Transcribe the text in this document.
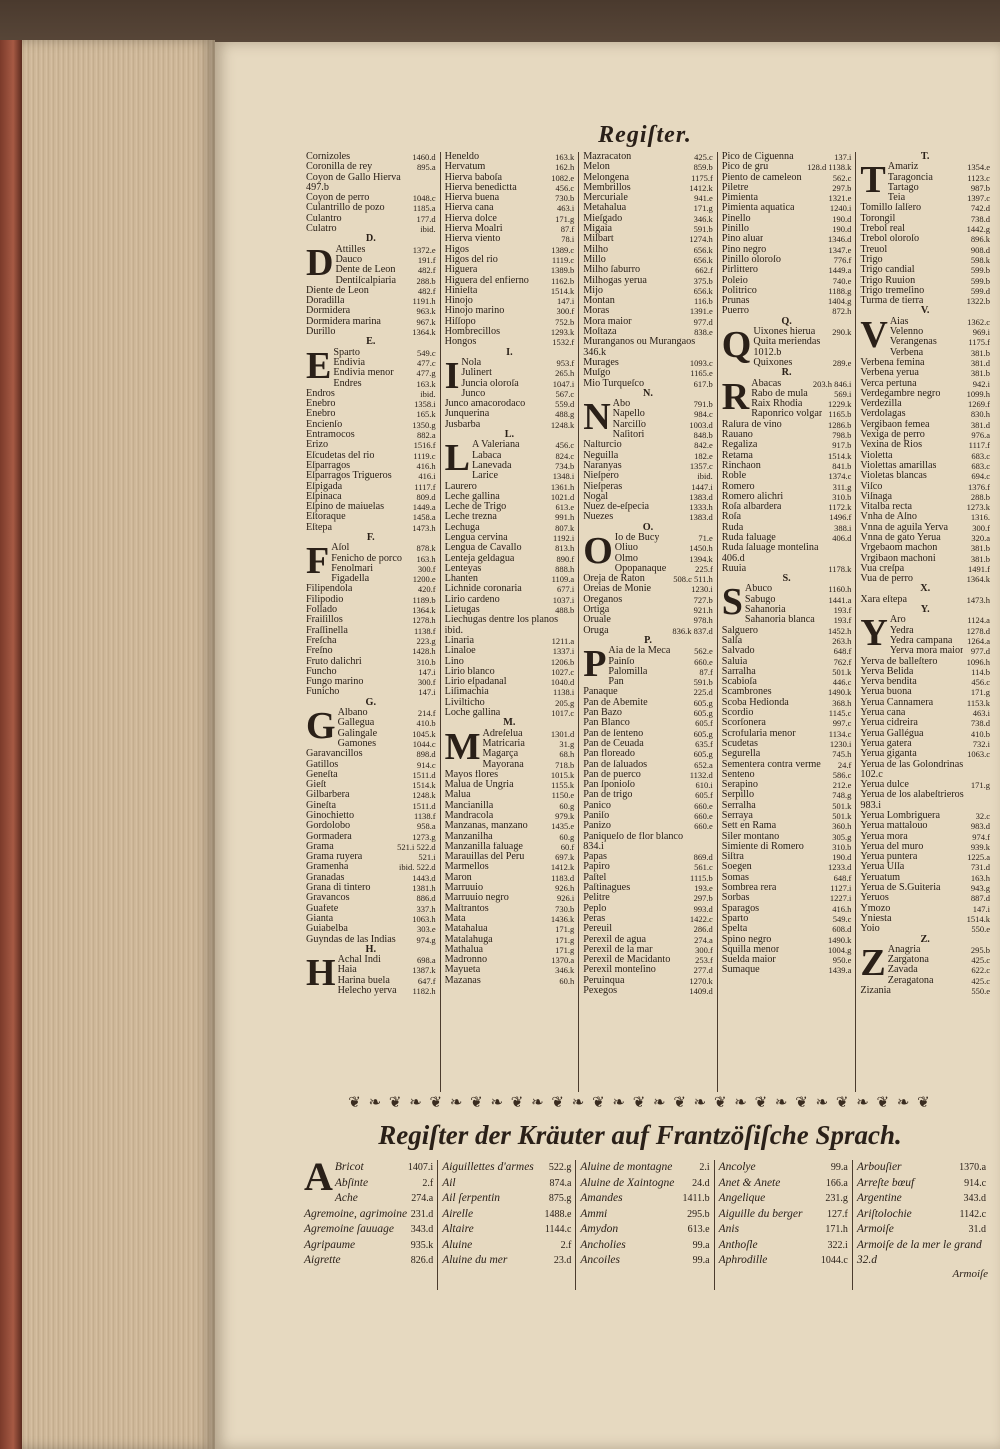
Regiſter.
Cornizoles	1460.d
Coronilla de rey	895.a
Coyon de Gallo Hierva
497.b
Coyon de perro	1048.c
Culantrillo de pozo	1185.a
Culantro	177.d
Culatro	ibid.
D.
D Attilles	1372.e
Dauco	191.f
Dente de Leon	482.f
Dentiſcalpiaria 288.b
Diente de Leon	482.f
Doradilla	1191.h
Dormidera	963.k
Dormidera marina	967.k
Durillo	1364.k
E.
E Sparto	549.c
Endivia	477.c
Endivia menor	477.g
Endres	163.k
Endros	ibid.
Enebro	1358.i
Enebro	165.k
Encienſo	1350.g
Entramocos	882.a
Erizo	1516.f
Eſcudetas del rio	1119.c
Eſparragos	416.h
Eſparragos Trigueros	416.i
Eſpigada	1117.f
Eſpinaca	809.d
Eſpino de maiuelas	1449.a
Eſtoraque	1458.a
Eſtepa	1473.h
F.
F Aſol	878.k
Fenicho de porco 163.h
Fenolmari	300.f
Figadella	1200.e
Filipendola	420.f
Filipodio	1189.b
Follado	1364.k
Fraiſillos	1278.h
Fraſſinella	1138.f
Freſcha	223.g
Freſno	1428.h
Fruto dalichri	310.b
Funcho	147.i
Fungo marino	300.f
Funicho	147.i
G.
G Albano	214.f
Gallegua	410.b
Galingale	1045.k
Gamones	1044.c
Garavancillos	898.d
Gatillos	914.c
Geneſta	1511.d
Gieſt	1514.k
Gilbarbera	1248.k
Gineſta	1511.d
Ginochietto	1138.f
Gordolobo	958.a
Gormadera	1273.g
Grama	521.i 522.d
Grama ruyera	521.i
Gramenha	ibid. 522.d
Granadas	1443.d
Grana di tintero	1381.h
Gravancos	886.d
Guafete	337.h
Gianta	1063.h
Guiabelba	303.e
Guyndas de las Indias 974.g
H.
H Achal Indi	698.a
Haia	1387.k
Harina buela	647.f
Helecho yerva 1182.h
Heneldo	163.k
Hervatum	162.h
Hierva baboſa	1082.e
Hierva benedictta	456.c
Hierva buena	730.b
Hierva cana	463.i
Hierva dolce	171.g
Hierva Moalri	87.f
Hierva viento	78.i
Higos	1389.c
Higos del rio	1119.c
Higuera	1389.b
Higuera del enfierno	1162.b
Hinieſta	1514.k
Hinojo	147.i
Hinojo marino	300.f
Hiſſopo	752.b
Hombrecillos	1293.k
Hongos	1532.f
I.
I Nola	953.f
Julinert	265.h
Juncia oloroſa	1047.i
Junco	567.c
Junco amacorodaco	559.d
Junquerina	488.g
Jusbarba	1248.k
L.
L A Valeriana	456.c
Labaca	824.c
Lanevada	734.b
Larice	1348.i
Laurero	1361.h
Leche gallina	1021.d
Leche de Trigo	613.e
Leche trezna	991.h
Lechuga	807.k
Lengua cervina	1192.i
Lengua de Cavallo	813.h
Lenteja geldagua	890.f
Lenteyas	888.h
Lhanten	1109.a
Lichnide coronaria	677.i
Lirio cardeno	1037.i
Lietugas	488.b
Liechugas dentre los planos
ibid.
Linaria	1211.a
Linaloe	1337.i
Lino	1206.b
Lirio blanco	1027.c
Lirio eſpadanal	1040.d
Liſimachia	1138.i
Livilticho	205.g
Loche gallina	1017.c
M.
M Adreſelua	1301.d
Matricaria	31.g
Magarça	68.h
Mayorana	718.b
Mayos flores	1015.k
Malua de Ungria	1155.k
Malua	1150.e
Mancianilla	60.g
Mandracola	979.k
Manzanas, manzano	1435.e
Manzanilha	60.g
Manzanilla faluage	60.f
Marauillas del Peru	697.k
Marmellos	1412.k
Maron	1183.d
Marruuio	926.h
Marruuio negro	926.i
Maſtrantos	730.b
Mata	1436.k
Matahalua	171.g
Matalahuga	171.g
Mathalua	171.g
Madronno	1370.a
Mayueta	346.k
Mazanas	60.h
Mazracaton	425.c
Melon	859.b
Melongena	1175.f
Membrillos	1412.k
Mercuriale	941.e
Metahalua	171.g
Mieſgado	346.k
Migaia	591.b
Milbart	1274.h
Milho	656.k
Millo	656.k
Milho ſaburro	662.f
Milhogas yerua	375.b
Mijo	656.k
Montan	116.b
Moras	1391.e
Mora maior	977.d
Moſtaza	838.e
Muranganos ou Murangaos
346.k
Murages	1093.c
Muſgo	1165.e
Mio Turqueſco	617.b
N.
N Abo	791.b
Napello	984.c
Narciſſo	1003.d
Naſitori	848.b
Naſturcio	842.e
Neguilla	182.e
Naranyas	1357.c
Nieſpero	ibid.
Nieſperas	1447.i
Nogal	1383.d
Nuez de-eſpecia	1333.h
Nuezes	1383.d
O.
O Io de Bucy	71.e
Oliuo	1450.h
Olmo	1394.k
Opopanaque	225.f
Oreja de Raton	508.c 511.h
Oreias de Monie	1230.i
Oreganos	727.b
Ortiga	921.h
Oruale	978.h
Oruga	836.k 837.d
P.
P Aia de la Meca	562.e
Painſo	660.e
Palomilla	87.f
Pan	591.b
Panaque	225.d
Pan de Abemite	605.g
Pan Bazo	605.g
Pan Blanco	605.f
Pan de ſenteno	605.g
Pan de Ceuada	635.f
Pan floreado	605.g
Pan de ſaluados	652.a
Pan de puerco	1132.d
Pan ſponioſo	610.i
Pan de trigo	605.f
Panico	660.e
Paniſo	660.e
Panizo	660.e
Paniqueſo de flor blanco
834.i
Papas	869.d
Papiro	561.c
Paſtel	1115.b
Paſtinagues	193.e
Pelitre	297.b
Peplo	993.d
Peras	1422.c
Pereuil	286.d
Perexil de agua	274.a
Perexil de la mar	300.f
Perexil de Macidanto	253.f
Perexil monteſino	277.d
Peruinqua	1270.k
Pexegos	1409.d
Pico de Ciguenna	137.i
Pico de gru	128.d 1138.k
Piento de cameleon	562.c
Piletre	297.b
Pimienta	1321.e
Pimienta aquatica	1240.i
Pinello	190.d
Pinillo	190.d
Pino aluar	1346.d
Pino negro	1347.e
Pinillo oloroſo	776.f
Pirlittero	1449.a
Poleio	740.e
Politrico	1188.g
Prunas	1404.g
Puerro	872.h
Q.
Q Uixones hierua 290.k
Quita meriendas
1012.b
Quixones	289.e
R.
R Abacas	203.h 846.i
Rabo de mula	569.i
Raix Rhodia	1229.k
Raponrico volgar 1165.b
Raſura de vino	1286.b
Rauano	798.b
Regaliza	917.b
Retama	1514.k
Rinchaon	841.b
Roble	1374.c
Romero	311.g
Romero alichri	310.b
Roſa albardera	1172.k
Roſa	1496.f
Ruda	388.i
Ruda faluage	406.d
Ruda ſaluage monteſina
406.d
Ruuia	1178.k
S.
S Abuco	1160.h
Sabugo	1441.a
Sahanoria	193.f
Sahanoria blanca 193.f
Salguero	1452.h
Salſa	263.h
Salvado	648.f
Saluia	762.f
Sarralha	501.k
Scabioſa	446.c
Scambrones	1490.k
Scoba Hedionda	368.h
Scordio	1145.c
Scorſonera	997.c
Scrofularia menor	1134.c
Scudetas	1230.i
Segurella	745.h
Sementera contra verme 24.f
Senteno	586.c
Serapino	212.e
Serpillo	748.g
Serralha	501.k
Serraya	501.k
Sett en Rama	360.h
Siler montano	305.g
Simiente di Romero	310.b
Siſtra	190.d
Soegen	1233.d
Somas	648.f
Sombrea rera	1127.i
Sorbas	1227.i
Sparagos	416.h
Sparto	549.c
Spelta	608.d
Spino negro	1490.k
Squilla menor	1004.g
Suelda maior	950.e
Sumaque	1439.a
T.
T Amariz	1354.e
Taragoncia	1123.c
Tartago	987.b
Teia	1397.c
Tomillo ſalſero	742.d
Torongil	738.d
Trebol real	1442.g
Trebol oloroſo	896.k
Treuol	908.d
Trigo	598.k
Trigo candial	599.b
Trigo Ruuion	599.b
Trigo tremeſino	599.d
Turma de tierra	1322.b
V.
V Aias	1362.c
Velenno	969.i
Verangenas	1175.f
Verbena	381.b
Verbena femina	381.d
Verbena yerua	381.b
Verca pertuna	942.i
Verdegambre negro	1099.h
Verdezilla	1269.f
Verdolagas	830.h
Vergibaon femea	381.d
Vexiga de perro	976.a
Vexina de Rios	1117.f
Violetta	683.c
Violettas amarillas	683.c
Violetas blancas	694.c
Viſco	1376.f
Viſnaga	288.b
Vitalba recta	1273.k
Vnha de Aſno	1316.
Vnna de aguila Yerva	300.f
Vnna de gato Yerua	320.a
Vrgebaom machon	381.b
Vrgibaon machoni	381.b
Vua creſpa	1491.f
Vua de perro	1364.k
X.
Xara eſtepa	1473.h
Y.
Y Aro	1124.a
Yedra	1278.d
Yedra campana 1264.a
Yerva mora maior 977.d
Yerva de balleſtero	1096.h
Yerva Belida	114.b
Yerva bendita	456.c
Yerua buona	171.g
Yerua Cannamera	1153.k
Yerua cana	463.i
Yerua cidreira	738.d
Yerua Gallégua	410.b
Yerua gatera	732.i
Yerua giganta	1063.c
Yerua de las Golondrinas
102.c
Yerua dulce	171.g
Yerua de los alabeſtrieros
983.i
Yerua Lombriguera	32.c
Yerua mattalouo	983.d
Yerua mora	974.f
Yerua del muro	939.k
Yerua puntera	1225.a
Yerua Uſſa	731.d
Yeruatum	163.h
Yerua de S.Guiteria	943.g
Yeruos	887.d
Ymozo	147.i
Yniesta	1514.k
Yoio	550.e
Z.
Z Anagria	295.b
Zargatona	425.c
Zavada	622.c
Zeragatona	425.c
Zizania	550.e
❦ ❧ ❦ ❧ ❦ ❧ ❦ ❧ ❦ ❧ ❦ ❧ ❦ ❧ ❦ ❧ ❦ ❧ ❦ ❧ ❦ ❧ ❦ ❧ ❦ ❧ ❦ ❧ ❦
Regiſter der Kräuter auf Frantzöſiſche Sprach.
A Bricot	1407.i
Abſinte	2.f
Ache	274.a
Agremoine, agrimoine 231.d
Agremoine ſauuage 343.d
Agripaume	935.k
Aigrette	826.d
Aiguillettes d'armes 522.g
Ail	874.a
Ail ſerpentin	875.g
Airelle	1488.e
Altaire	1144.c
Aluine	2.f
Aluine du mer	23.d
Aluine de montagne	2.i
Aluine de Xaintogne 24.d
Amandes	1411.b
Ammi	295.b
Amydon	613.e
Ancholies	99.a
Ancoiles	99.a
Ancolye	99.a
Anet & Anete	166.a
Angelique	231.g
Aiguille du berger 127.f
Anis	171.h
Anthoſle	322.i
Aphrodille	1044.c
Arbouſier	1370.a
Arreſte bœuf	914.c
Argentine	343.d
Ariſtolochie	1142.c
Armoiſe	31.d
Armoiſe de la mer le grand
32.d
Armoiſe
